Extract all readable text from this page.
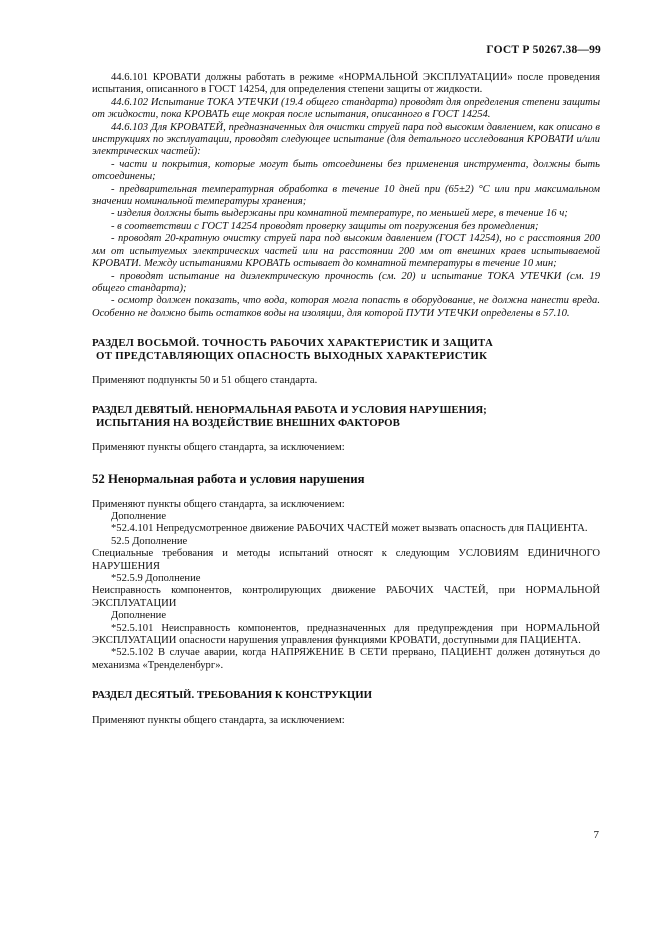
ГОСТ Р 50267.38—99

44.6.101 КРОВАТИ должны работать в режиме «НОРМАЛЬНОЙ ЭКСПЛУАТАЦИИ» после проведения испытания, описанного в ГОСТ 14254, для определения степени защиты от жидкости.

44.6.102 Испытание ТОКА УТЕЧКИ (19.4 общего стандарта) проводят для определения степени защиты от жидкости, пока КРОВАТЬ еще мокрая после испытания, описанного в ГОСТ 14254.

44.6.103 Для КРОВАТЕЙ, предназначенных для очистки струей пара под высоким давлением, как описано в инструкциях по эксплуатации, проводят следующее испытание (для детального исследования КРОВАТИ и/или электрических частей):

- части и покрытия, которые могут быть отсоединены без применения инструмента, должны быть отсоединены;

- предварительная температурная обработка в течение 10 дней при (65±2) °С или при максимальном значении номинальной температуры хранения;

- изделия должны быть выдержаны при комнатной температуре, по меньшей мере, в течение 16 ч;

- в соответствии с ГОСТ 14254 проводят проверку защиты от погружения без промедления;

- проводят 20-кратную очистку струей пара под высоким давлением (ГОСТ 14254), но с расстояния 200 мм от испытуемых электрических частей или на расстоянии 200 мм от внешних краев испытываемой КРОВАТИ. Между испытаниями КРОВАТЬ остывает до комнатной температуры в течение 10 мин;

- проводят испытание на диэлектрическую прочность (см. 20) и испытание ТОКА УТЕЧКИ (см. 19 общего стандарта);

- осмотр должен показать, что вода, которая могла попасть в оборудование, не должна нанести вреда. Особенно не должно быть остатков воды на изоляции, для которой ПУТИ УТЕЧКИ определены в 57.10.

РАЗДЕЛ ВОСЬМОЙ. ТОЧНОСТЬ РАБОЧИХ ХАРАКТЕРИСТИК И ЗАЩИТА
ОТ ПРЕДСТАВЛЯЮЩИХ ОПАСНОСТЬ ВЫХОДНЫХ ХАРАКТЕРИСТИК

Применяют подпункты 50 и 51 общего стандарта.

РАЗДЕЛ ДЕВЯТЫЙ. НЕНОРМАЛЬНАЯ РАБОТА И УСЛОВИЯ НАРУШЕНИЯ;
ИСПЫТАНИЯ НА ВОЗДЕЙСТВИЕ ВНЕШНИХ ФАКТОРОВ

Применяют пункты общего стандарта, за исключением:

52 Ненормальная работа и условия нарушения

Применяют пункты общего стандарта, за исключением:

Дополнение

*52.4.101 Непредусмотренное движение РАБОЧИХ ЧАСТЕЙ может вызвать опасность для ПАЦИЕНТА.

52.5 Дополнение

Специальные требования и методы испытаний относят к следующим УСЛОВИЯМ ЕДИНИЧНОГО НАРУШЕНИЯ

*52.5.9 Дополнение

Неисправность компонентов, контролирующих движение РАБОЧИХ ЧАСТЕЙ, при НОРМАЛЬНОЙ ЭКСПЛУАТАЦИИ

Дополнение

*52.5.101 Неисправность компонентов, предназначенных для предупреждения при НОРМАЛЬНОЙ ЭКСПЛУАТАЦИИ опасности нарушения управления функциями КРОВАТИ, доступными для ПАЦИЕНТА.

*52.5.102 В случае аварии, когда НАПРЯЖЕНИЕ В СЕТИ прервано, ПАЦИЕНТ должен дотянуться до механизма «Тренделенбург».

РАЗДЕЛ ДЕСЯТЫЙ. ТРЕБОВАНИЯ К КОНСТРУКЦИИ

Применяют пункты общего стандарта, за исключением:

7
